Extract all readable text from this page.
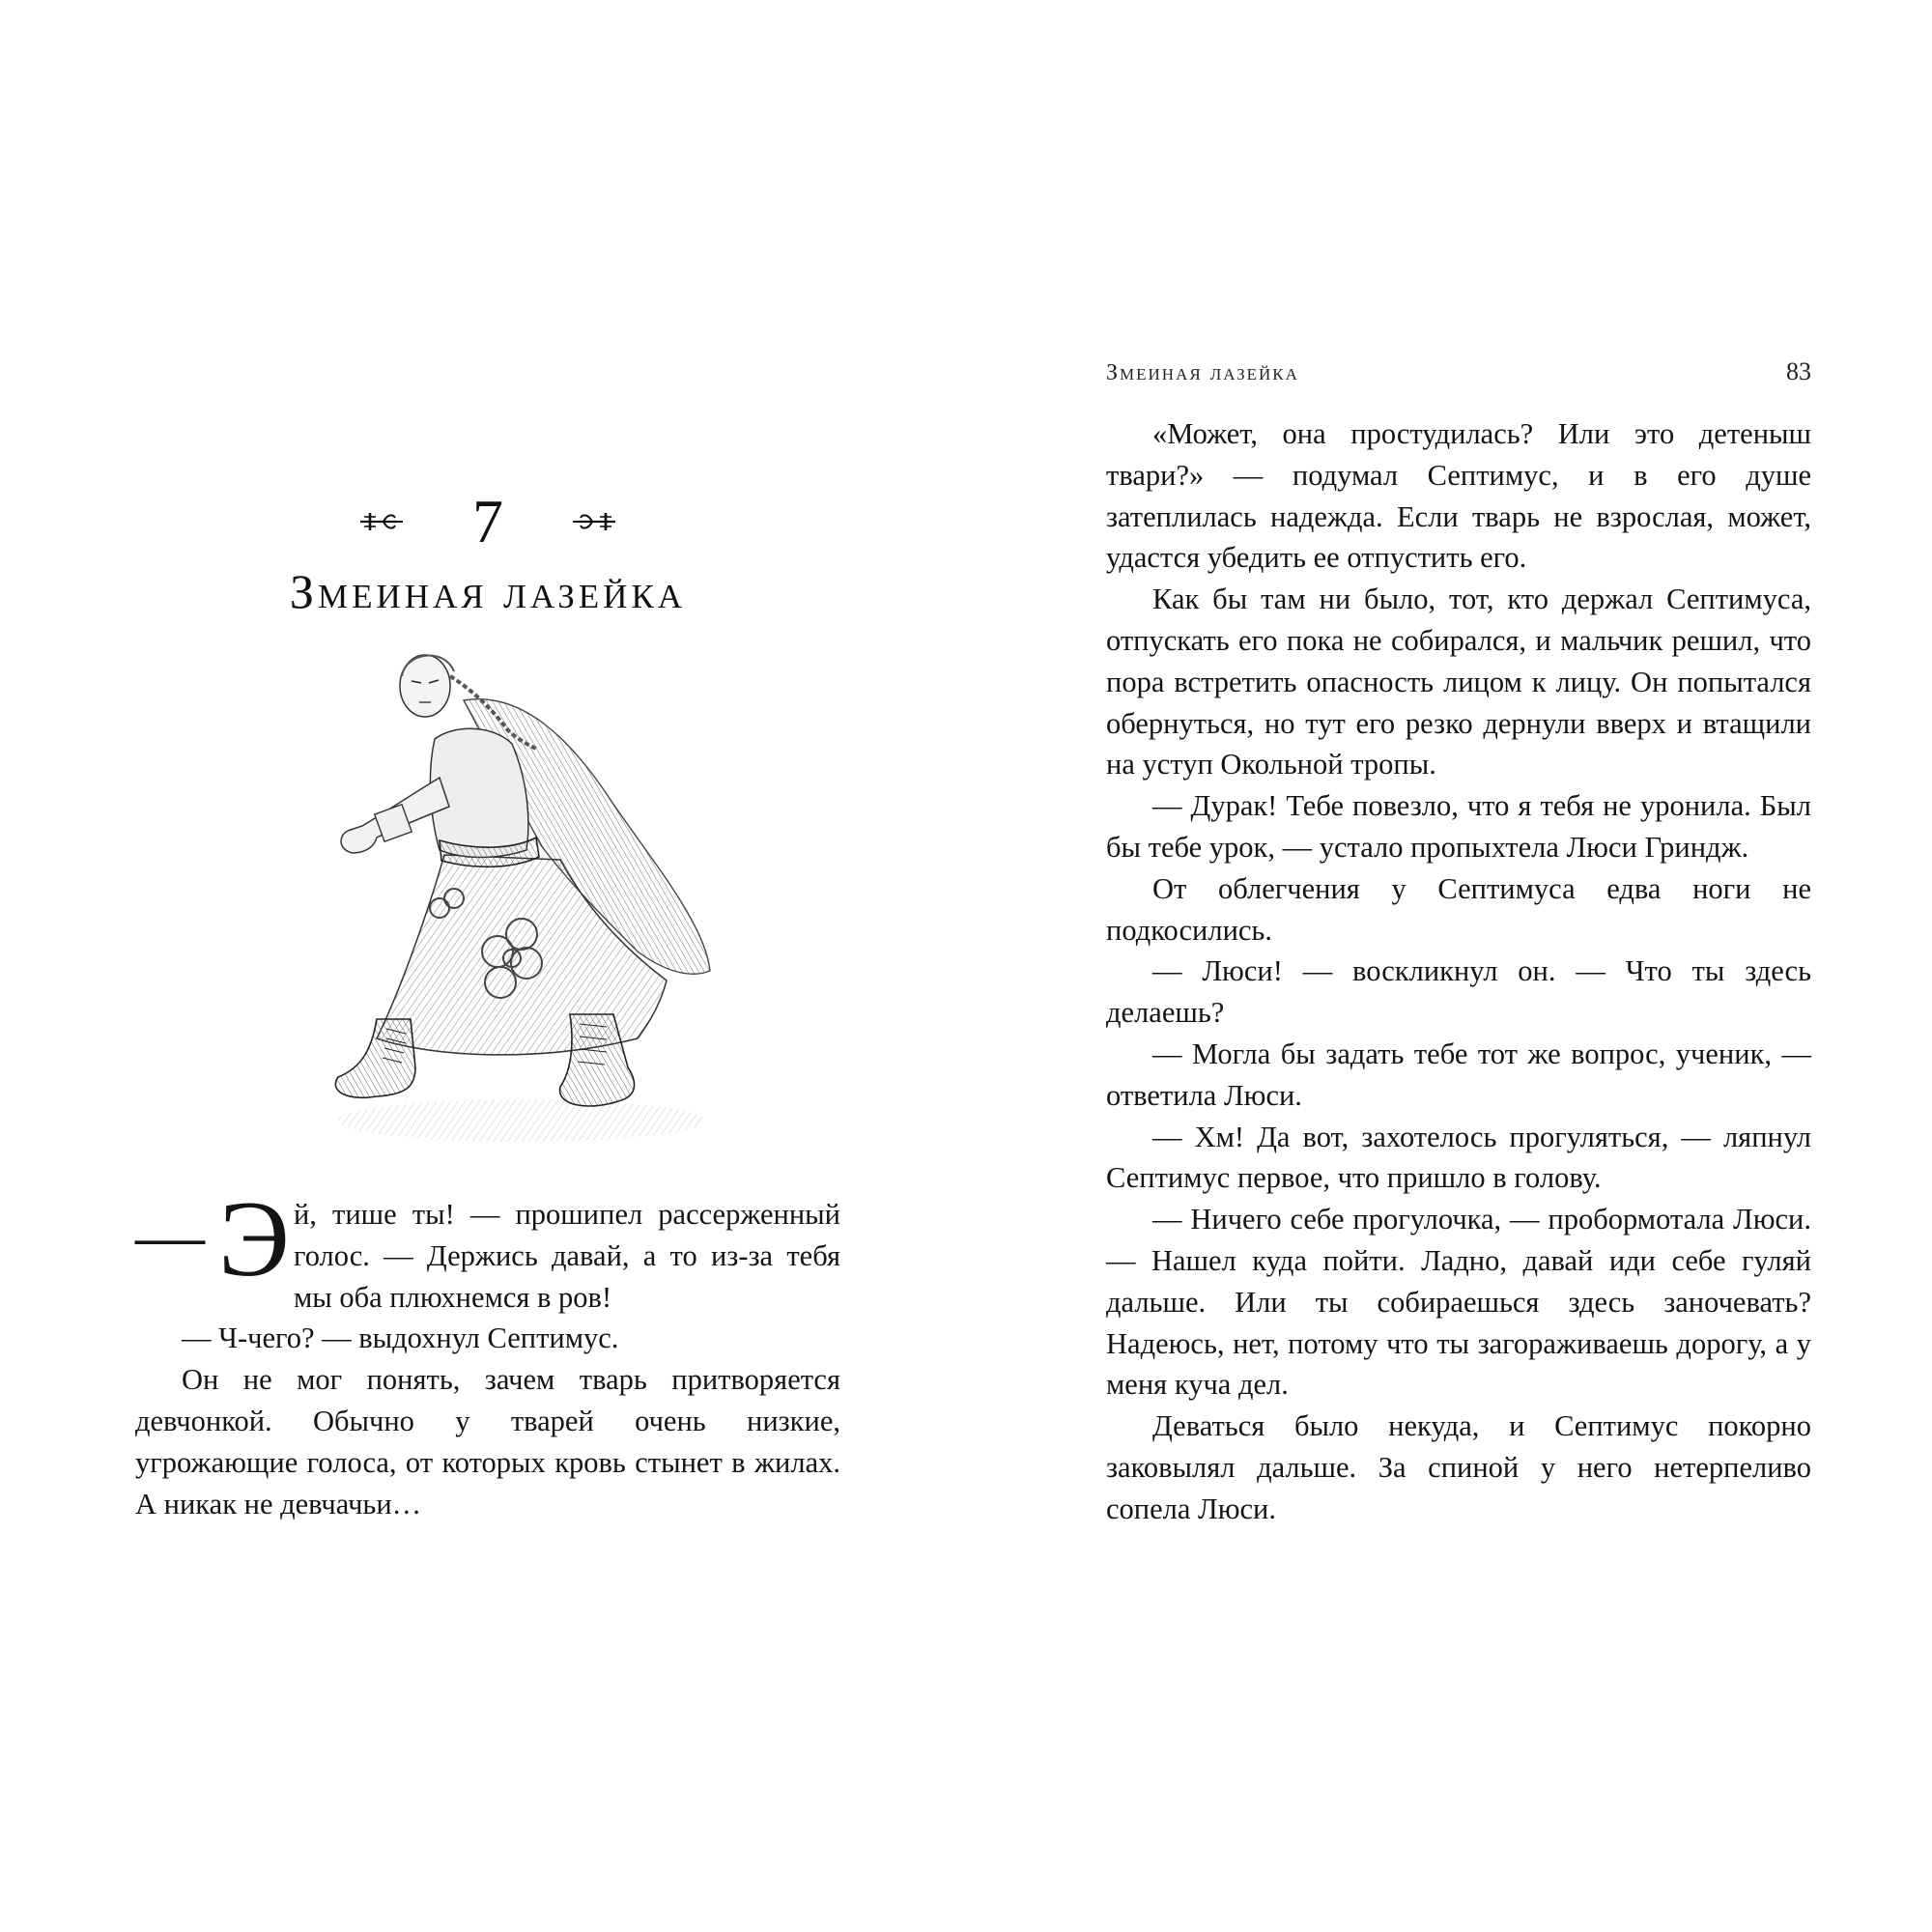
7
Змеиная лазейка

— Э й, тише ты! — прошипел рассерженный голос. — Держись давай, а то из-за тебя мы оба плюхнемся в ров!

— Ч-чего? — выдохнул Септимус.

Он не мог понять, зачем тварь притворяется девчонкой. Обычно у тварей очень низкие, угрожающие голоса, от которых кровь стынет в жилах. А никак не девчачьи…

Змеиная лазейка	83

«Может, она простудилась? Или это детеныш твари?» — подумал Септимус, и в его душе затеплилась надежда. Если тварь не взрослая, может, удастся убедить ее отпустить его.

Как бы там ни было, тот, кто держал Септимуса, отпускать его пока не собирался, и мальчик решил, что пора встретить опасность лицом к лицу. Он попытался обернуться, но тут его резко дернули вверх и втащили на уступ Окольной тропы.

— Дурак! Тебе повезло, что я тебя не уронила. Был бы тебе урок, — устало пропыхтела Люси Гриндж.

От облегчения у Септимуса едва ноги не подкосились.

— Люси! — воскликнул он. — Что ты здесь делаешь?

— Могла бы задать тебе тот же вопрос, ученик, — ответила Люси.

— Хм! Да вот, захотелось прогуляться, — ляпнул Септимус первое, что пришло в голову.

— Ничего себе прогулочка, — пробормотала Люси. — Нашел куда пойти. Ладно, давай иди себе гуляй дальше. Или ты собираешься здесь заночевать? Надеюсь, нет, потому что ты загораживаешь дорогу, а у меня куча дел.

Деваться было некуда, и Септимус покорно заковылял дальше. За спиной у него нетерпеливо сопела Люси.
